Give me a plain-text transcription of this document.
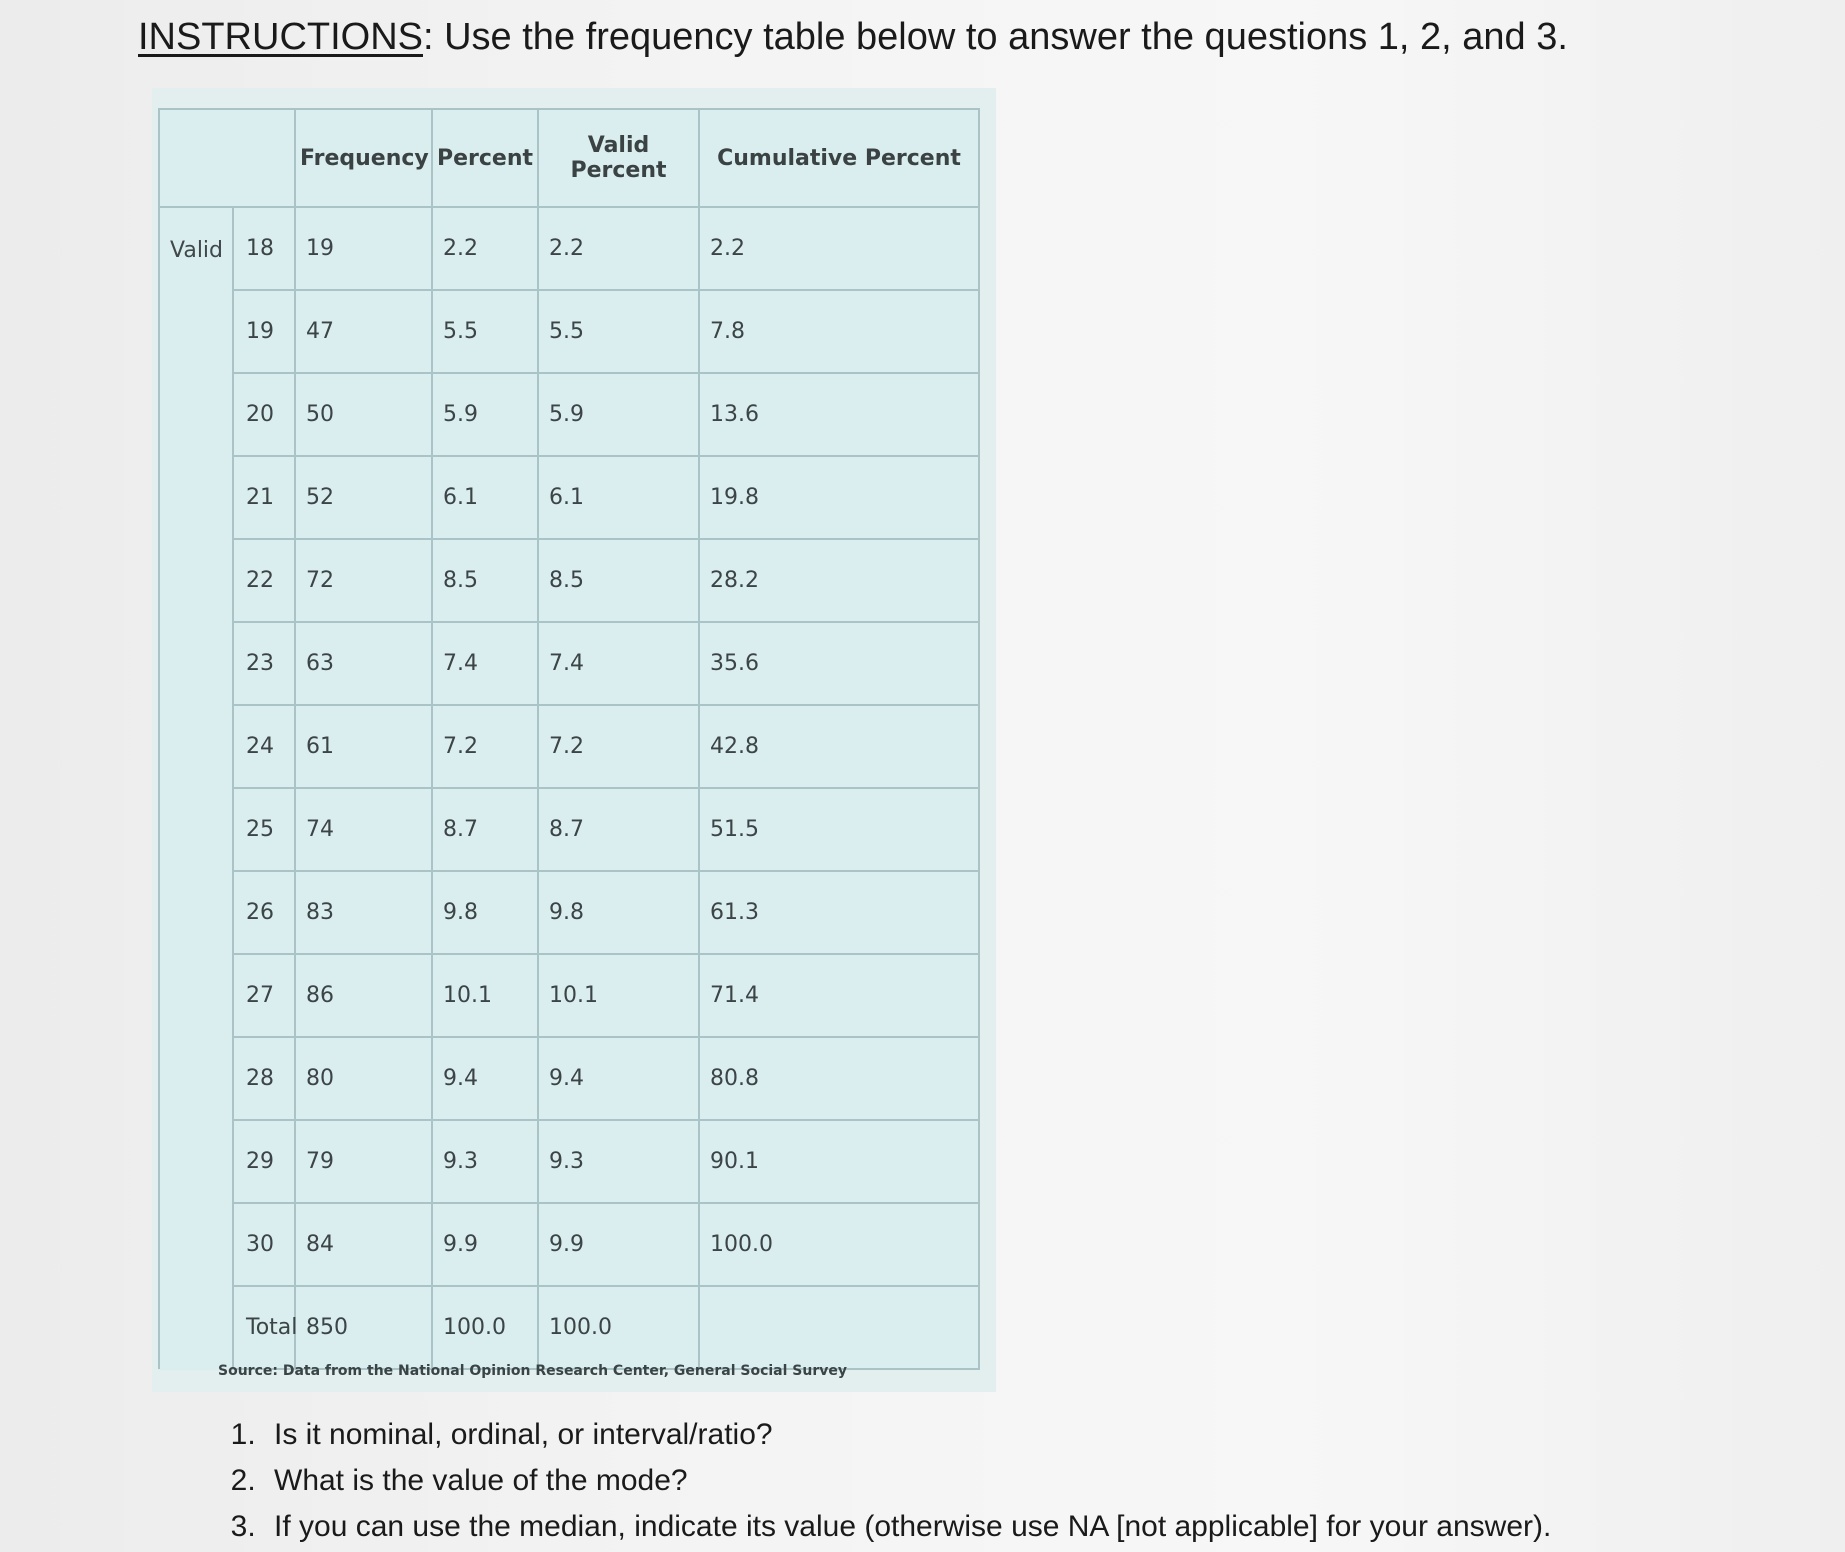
INSTRUCTIONS: Use the frequency table below to answer the questions 1, 2, and 3.
		Frequency	Percent	Valid Percent	Cumulative Percent
Valid	18	19	2.2	2.2	2.2
	19	47	5.5	5.5	7.8
	20	50	5.9	5.9	13.6
	21	52	6.1	6.1	19.8
	22	72	8.5	8.5	28.2
	23	63	7.4	7.4	35.6
	24	61	7.2	7.2	42.8
	25	74	8.7	8.7	51.5
	26	83	9.8	9.8	61.3
	27	86	10.1	10.1	71.4
	28	80	9.4	9.4	80.8
	29	79	9.3	9.3	90.1
	30	84	9.9	9.9	100.0
	Total	850	100.0	100.0	
Source: Data from the National Opinion Research Center, General Social Survey
1. Is it nominal, ordinal, or interval/ratio?
2. What is the value of the mode?
3. If you can use the median, indicate its value (otherwise use NA [not applicable] for your answer).
